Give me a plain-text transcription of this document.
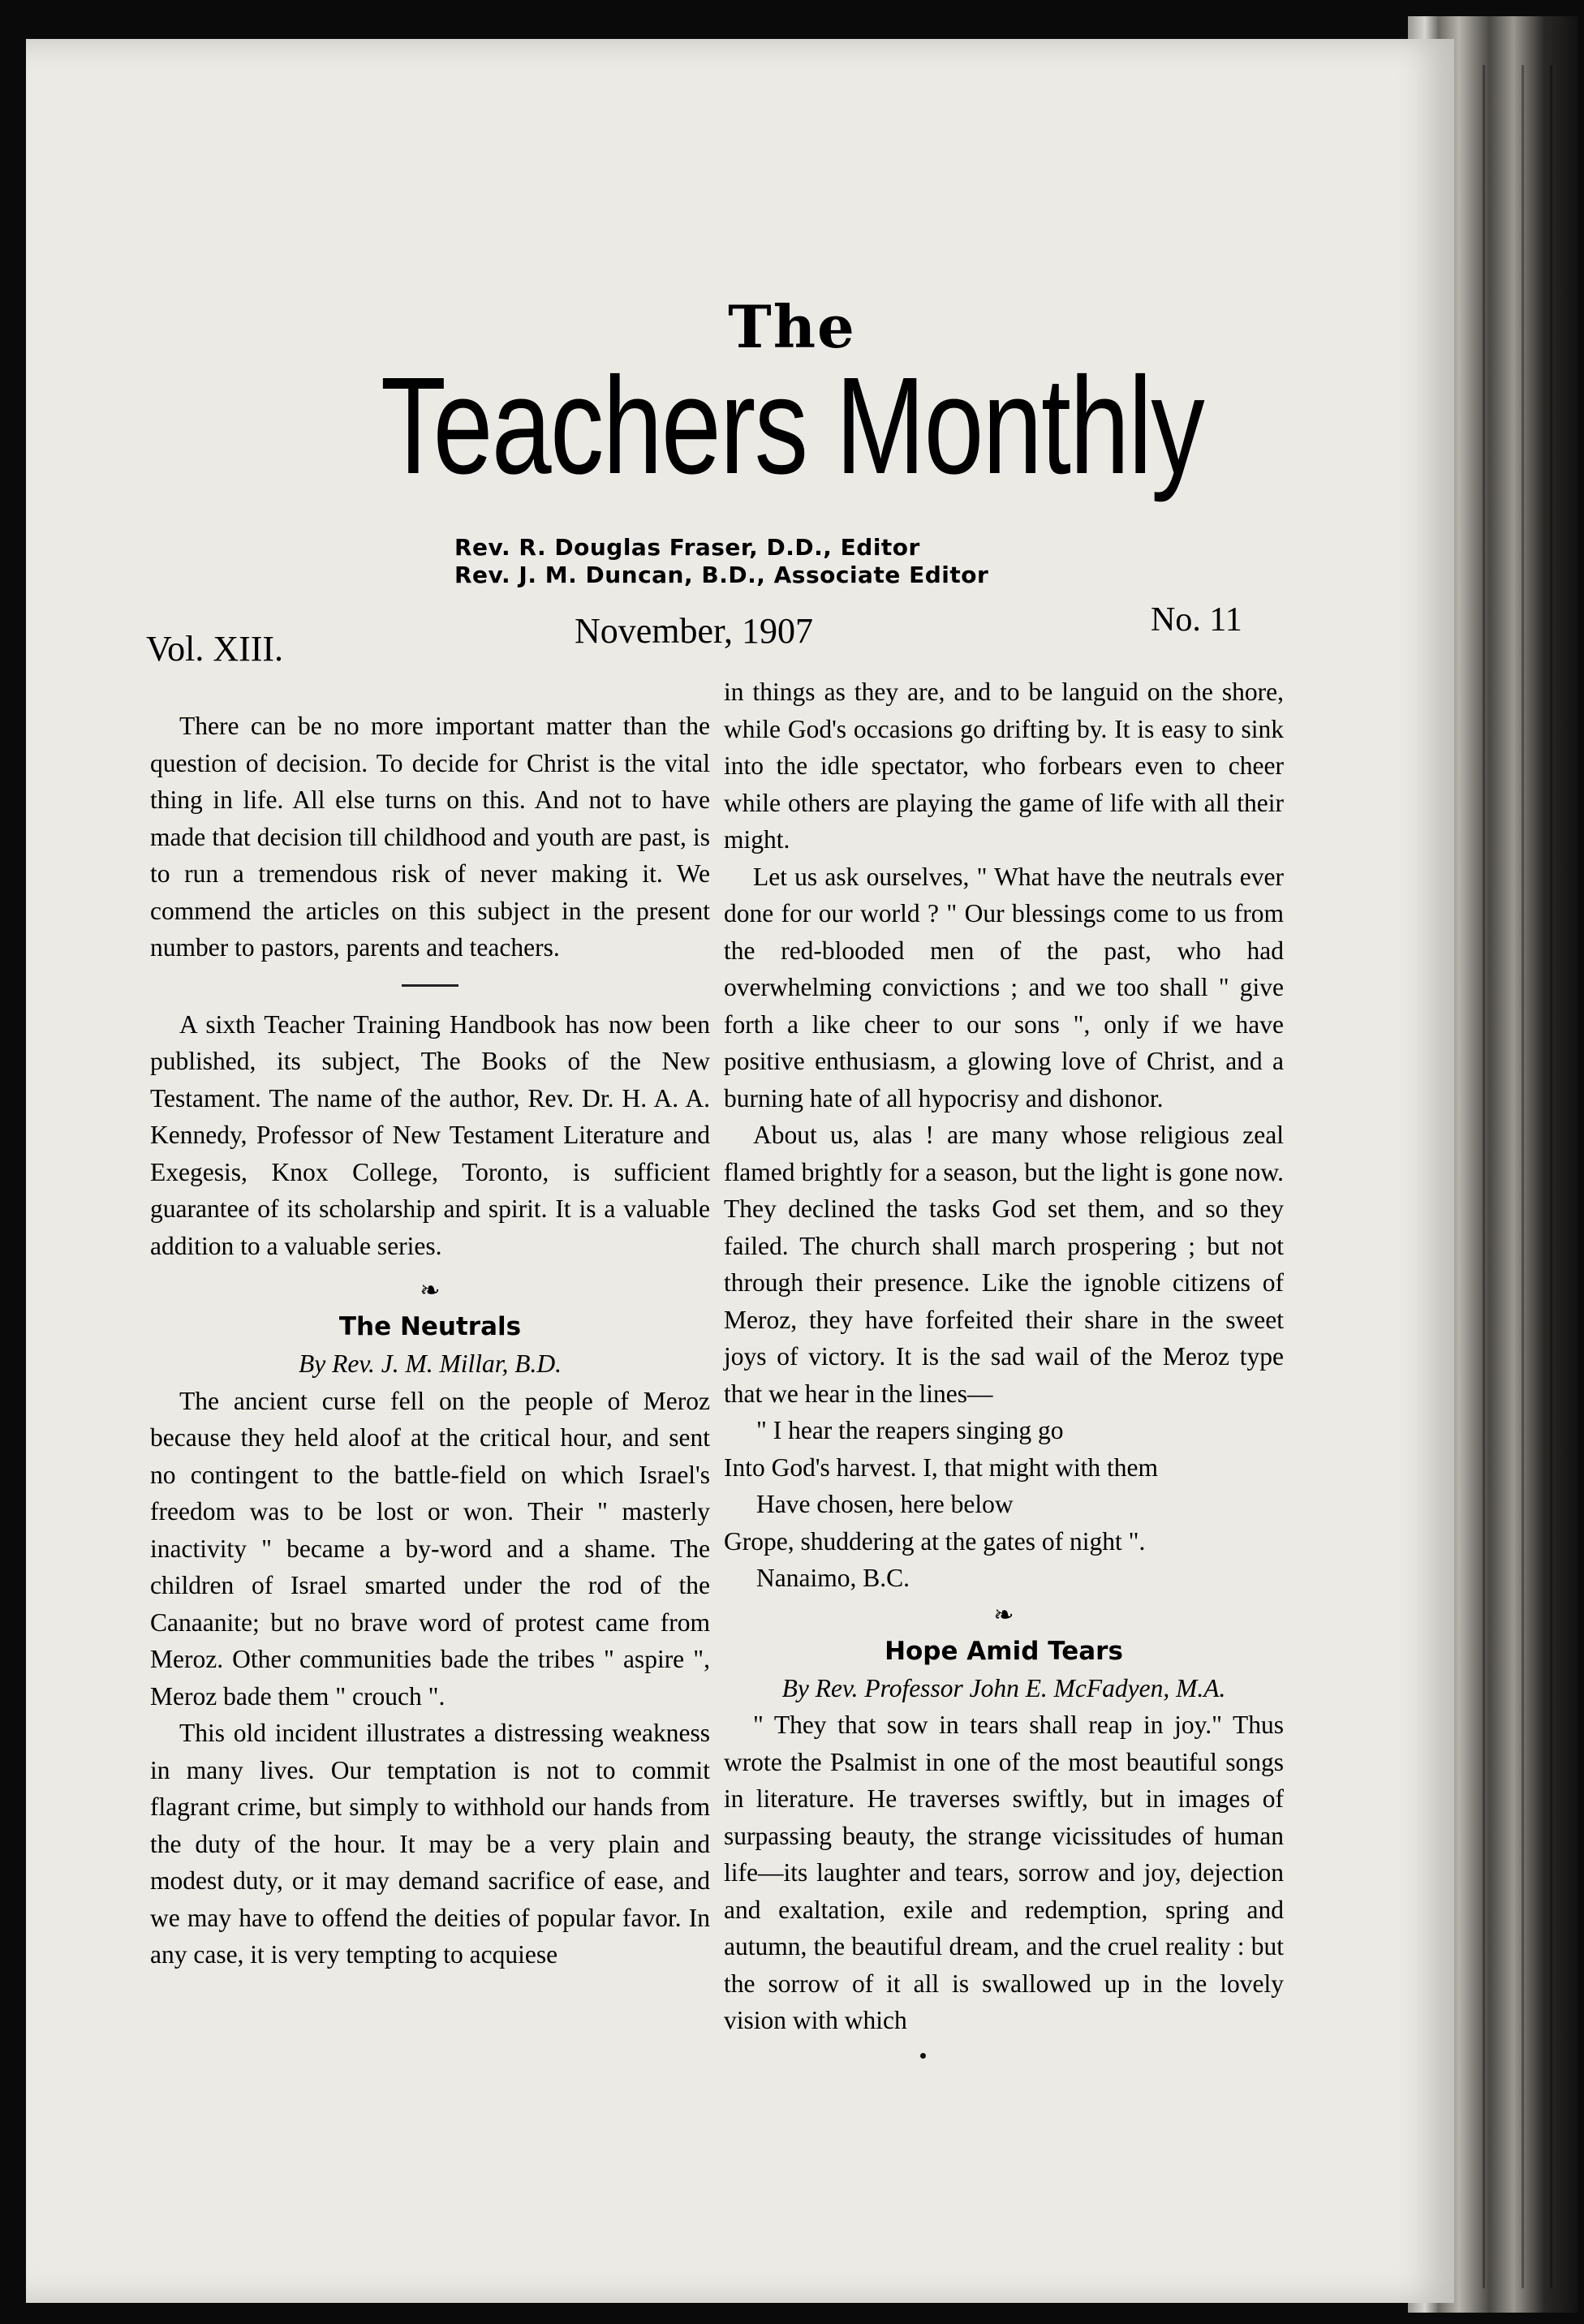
The
Teachers Monthly
Rev. R. Douglas Fraser, D.D., Editor
Rev. J. M. Duncan, B.D., Associate Editor
Vol. XIII.	November, 1907	No. 11

There can be no more important matter than the question of decision. To decide for Christ is the vital thing in life. All else turns on this. And not to have made that decision till childhood and youth are past, is to run a tremendous risk of never making it. We commend the articles on this subject in the present number to pastors, parents and teachers.

A sixth Teacher Training Handbook has now been published, its subject, The Books of the New Testament. The name of the author, Rev. Dr. H. A. A. Kennedy, Professor of New Testament Literature and Exegesis, Knox College, Toronto, is sufficient guarantee of its scholarship and spirit. It is a valuable addition to a valuable series.

❧
The Neutrals
By Rev. J. M. Millar, B.D.

The ancient curse fell on the people of Meroz because they held aloof at the critical hour, and sent no contingent to the battle-field on which Israel's freedom was to be lost or won. Their " masterly inactivity " became a by-word and a shame. The children of Israel smarted under the rod of the Canaanite; but no brave word of protest came from Meroz. Other communities bade the tribes " aspire ", Meroz bade them " crouch ".

This old incident illustrates a distressing weakness in many lives. Our temptation is not to commit flagrant crime, but simply to withhold our hands from the duty of the hour. It may be a very plain and modest duty, or it may demand sacrifice of ease, and we may have to offend the deities of popular favor. In any case, it is very tempting to acquiese

in things as they are, and to be languid on the shore, while God's occasions go drifting by. It is easy to sink into the idle spectator, who forbears even to cheer while others are playing the game of life with all their might.

Let us ask ourselves, " What have the neutrals ever done for our world ? " Our blessings come to us from the red-blooded men of the past, who had overwhelming convictions ; and we too shall " give forth a like cheer to our sons ", only if we have positive enthusiasm, a glowing love of Christ, and a burning hate of all hypocrisy and dishonor.

About us, alas ! are many whose religious zeal flamed brightly for a season, but the light is gone now. They declined the tasks God set them, and so they failed. The church shall march prospering ; but not through their presence. Like the ignoble citizens of Meroz, they have forfeited their share in the sweet joys of victory. It is the sad wail of the Meroz type that we hear in the lines—

" I hear the reapers singing go
Into God's harvest. I, that might with them
Have chosen, here below
Grope, shuddering at the gates of night ".
Nanaimo, B.C.
❧
Hope Amid Tears
By Rev. Professor John E. McFadyen, M.A.

" They that sow in tears shall reap in joy." Thus wrote the Psalmist in one of the most beautiful songs in literature. He traverses swiftly, but in images of surpassing beauty, the strange vicissitudes of human life—its laughter and tears, sorrow and joy, dejection and exaltation, exile and redemption, spring and autumn, the beautiful dream, and the cruel reality : but the sorrow of it all is swallowed up in the lovely vision with which
